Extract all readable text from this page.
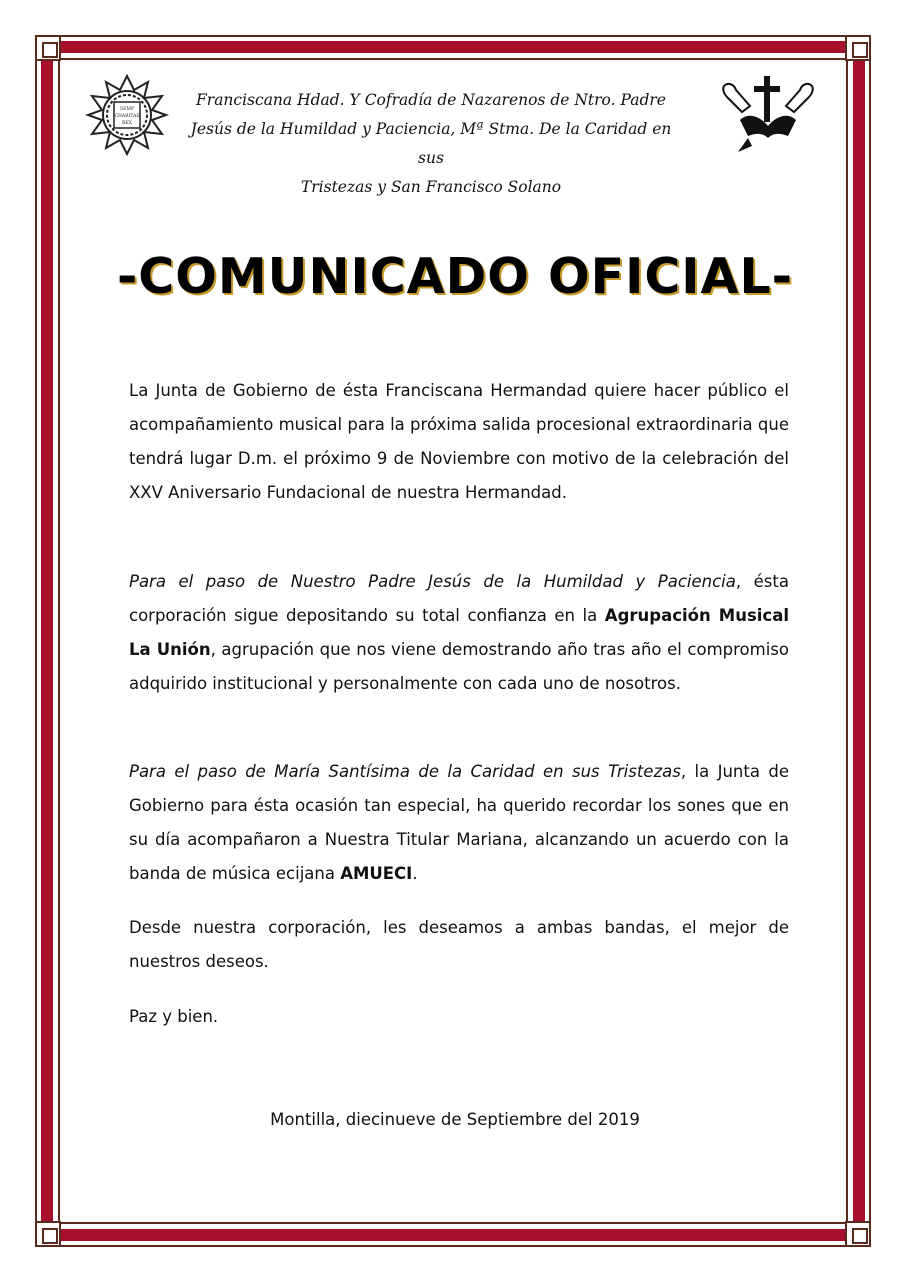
SEMP
CHARITAS
REX
Franciscana Hdad. Y Cofradía de Nazarenos de Ntro. Padre
Jesús de la Humildad y Paciencia, Mª Stma. De la Caridad en sus
Tristezas y San Francisco Solano
-COMUNICADO OFICIAL-
La Junta de Gobierno de ésta Franciscana Hermandad quiere hacer público el acompañamiento musical para la próxima salida procesional extraordinaria que tendrá lugar D.m. el próximo 9 de Noviembre con motivo de la celebración del XXV Aniversario Fundacional de nuestra Hermandad.
Para el paso de Nuestro Padre Jesús de la Humildad y Paciencia, ésta corporación sigue depositando su total confianza en la Agrupación Musical La Unión, agrupación que nos viene demostrando año tras año el compromiso adquirido institucional y personalmente con cada uno de nosotros.
Para el paso de María Santísima de la Caridad en sus Tristezas, la Junta de Gobierno para ésta ocasión tan especial, ha querido recordar los sones que en su día acompañaron a Nuestra Titular Mariana, alcanzando un acuerdo con la banda de música ecijana AMUECI.
Desde nuestra corporación, les deseamos a ambas bandas, el mejor de nuestros deseos.
Paz y bien.
Montilla, diecinueve de Septiembre del 2019
